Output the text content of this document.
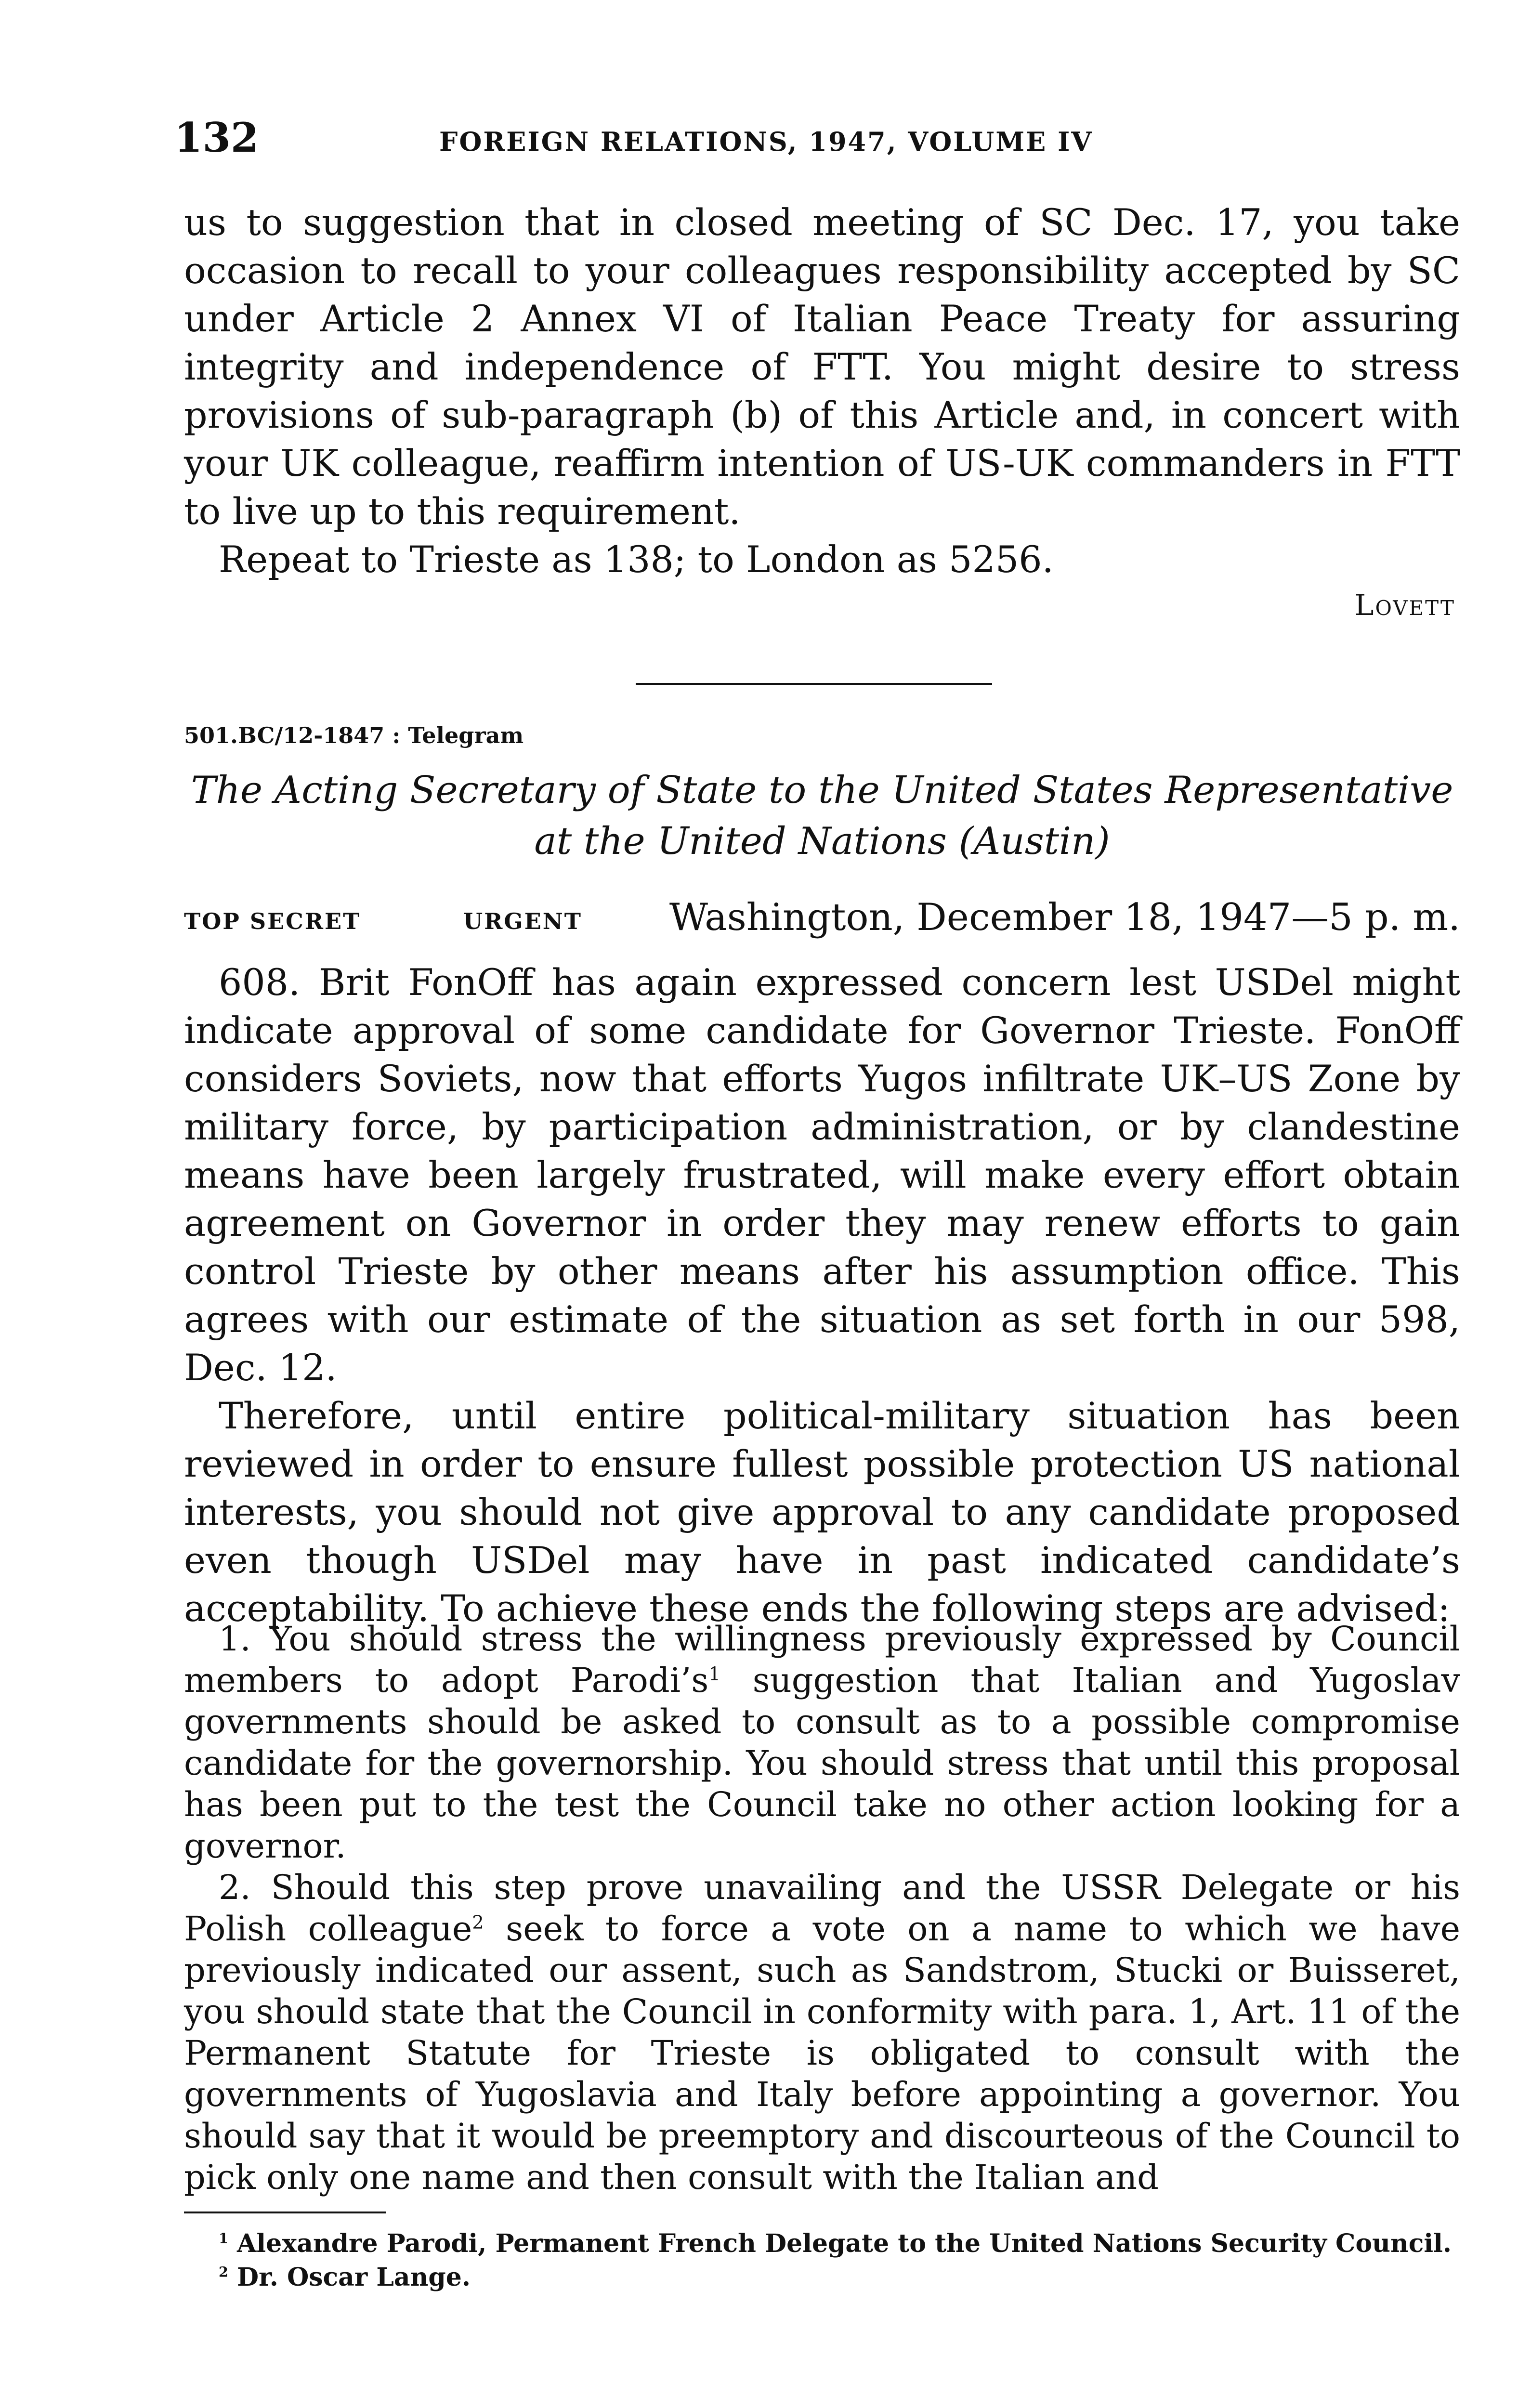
132	FOREIGN RELATIONS, 1947, VOLUME IV

us to suggestion that in closed meeting of SC Dec. 17, you take occasion to recall to your colleagues responsibility accepted by SC under Article 2 Annex VI of Italian Peace Treaty for assuring integrity and independence of FTT. You might desire to stress provisions of sub-paragraph (b) of this Article and, in concert with your UK colleague, reaffirm intention of US-UK commanders in FTT to live up to this requirement.

Repeat to Trieste as 138; to London as 5256.

Lovett
501.BC/12-1847 : Telegram
The Acting Secretary of State to the United States Representative at the United Nations (Austin)
TOP SECRET	URGENT Washington, December 18, 1947—5 p. m.

608. Brit FonOff has again expressed concern lest USDel might indicate approval of some candidate for Governor Trieste. FonOff considers Soviets, now that efforts Yugos infiltrate UK–US Zone by military force, by participation administration, or by clandestine means have been largely frustrated, will make every effort obtain agreement on Governor in order they may renew efforts to gain control Trieste by other means after his assumption office. This agrees with our estimate of the situation as set forth in our 598, Dec. 12.

Therefore, until entire political-military situation has been reviewed in order to ensure fullest possible protection US national interests, you should not give approval to any candidate proposed even though USDel may have in past indicated candidate’s acceptability. To achieve these ends the following steps are advised:

1. You should stress the willingness previously expressed by Council members to adopt $Parodi’s^1$ suggestion that Italian and Yugoslav governments should be asked to consult as to a possible compromise candidate for the governorship. You should stress that until this proposal has been put to the test the Council take no other action looking for a governor.

2. Should this step prove unavailing and the USSR Delegate or his Polish colleague$^2$ seek to force a vote on a name to which we have previously indicated our assent, such as Sandstrom, Stucki or Buisseret, you should state that the Council in conformity with para. 1, Art. 11 of the Permanent Statute for Trieste is obligated to consult with the governments of Yugoslavia and Italy before appointing a governor. You should say that it would be preemptory and discourteous of the Council to pick only one name and then consult with the Italian and

$^1$ Alexandre Parodi, Permanent French Delegate to the United Nations Security Council.

$^2$ Dr. Oscar Lange.
